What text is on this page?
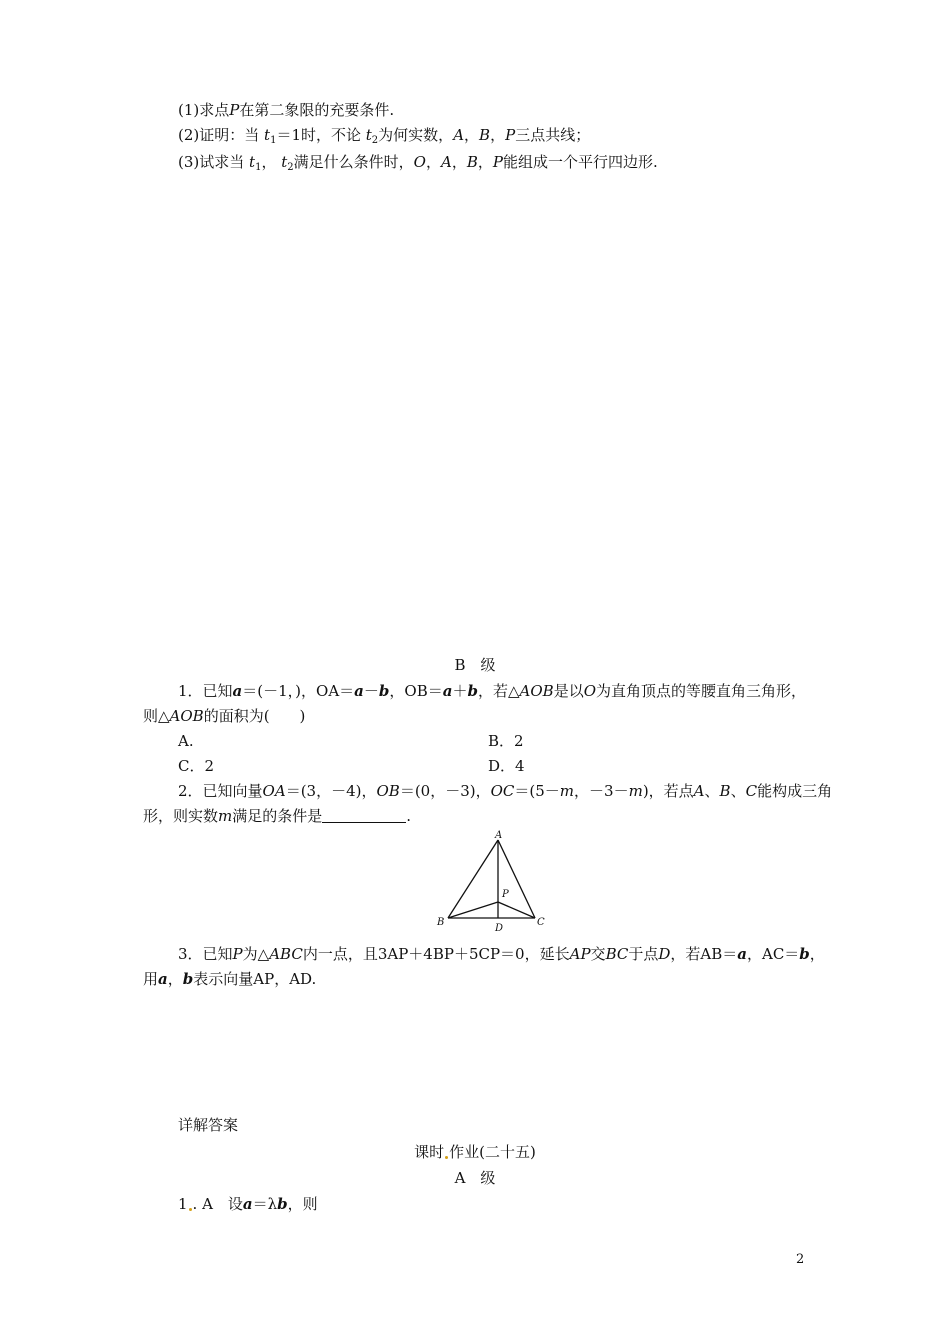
(1)求点P在第二象限的充要条件.
(2)证明：当 $t_1=1$时，不论 $t_2$为何实数，A，B，P三点共线；
(3)试求当 $t_1$， $t_2$满足什么条件时，O，A，B，P能组成一个平行四边形.
B　级
1．已知a＝(－1，)，OA＝a－b，OB＝a＋b，若△AOB是以O为直角顶点的等腰直角三角形，
则△AOB的面积为(　　)
A.	B．2
C．2	D．4
2．已知向量OA＝(3，－4)，OB＝(0，－3)，OC＝(5－m，－3－m)，若点A、B、C能构成三角
形，则实数m满足的条件是	.
A
B	C
D
P
3．已知P为△ABC内一点，且3AP＋4BP＋5CP＝0，延长AP交BC于点D，若AB＝a，AC＝b，
用a，b表示向量AP，AD.
详解答案
课时 作业(二十五)
A　级
1 . A　设a＝λb，则
2
